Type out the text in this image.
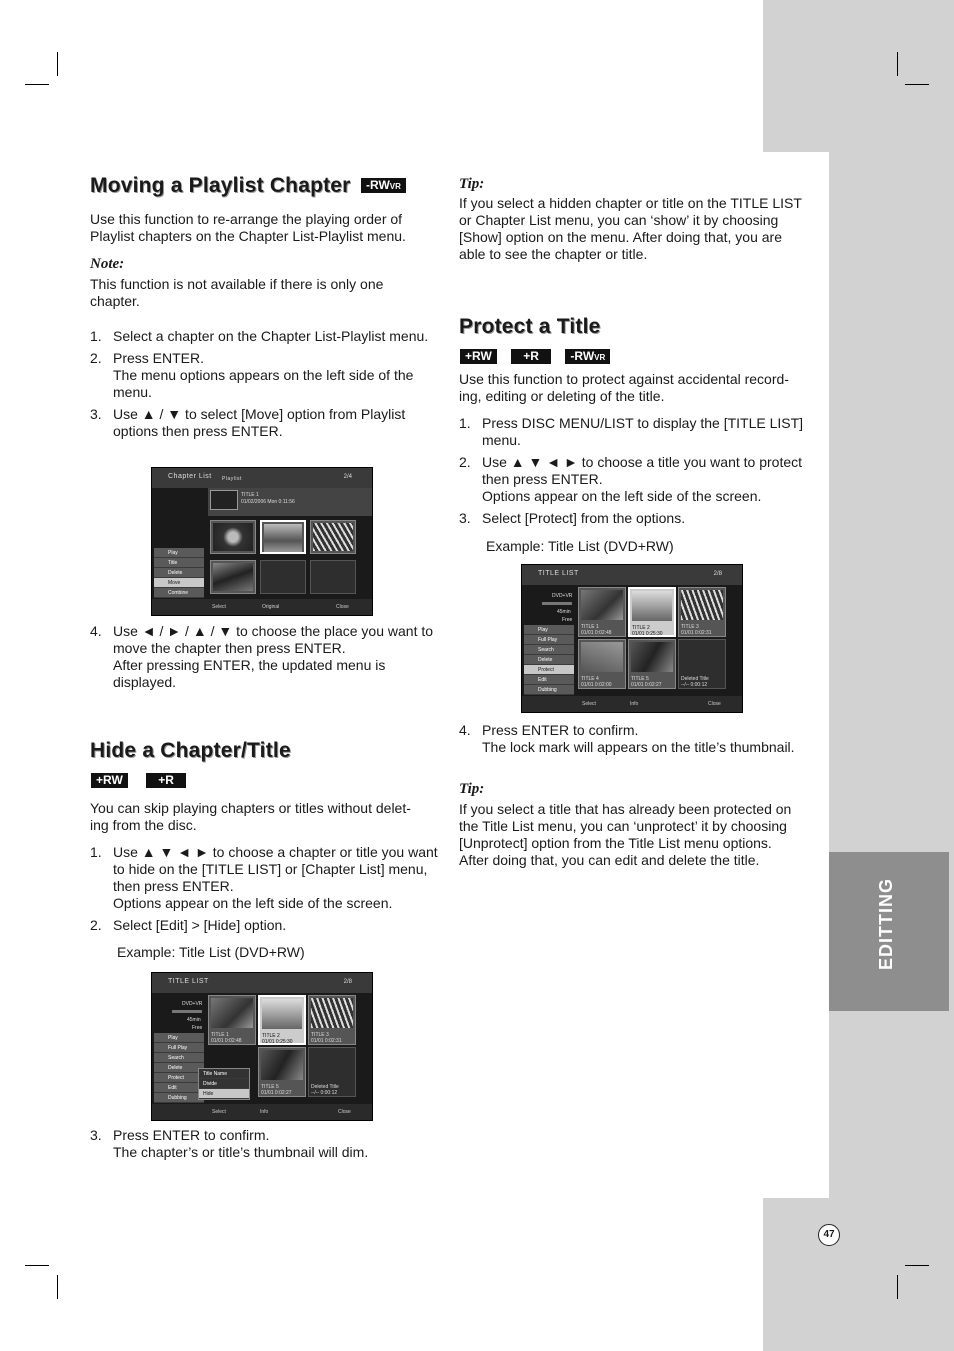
EDITTING
47
Moving a Playlist Chapter -RWVR

Use this function to re-arrange the playing order of Playlist chapters on the Chapter List-Playlist menu.

Note:

This function is not available if there is only one chapter.

1. Select a chapter on the Chapter List-Playlist menu.
2. Press ENTER.
The menu options appears on the left side of the menu.
3. Use ▲ / ▼ to select [Move] option from Playlist options then press ENTER.
Chapter List Playlist	2/4
TITLE 1
01/02/2006 Mon 0:11:56
Play
Title
Delete
Move
Combine
Select	Original	Close
4. Use ◄ / ► / ▲ / ▼ to choose the place you want to move the chapter then press ENTER.
After pressing ENTER, the updated menu is displayed.
Hide a Chapter/Title
+RW	+R

You can skip playing chapters or titles without delet-
ing from the disc.

1. Use ▲ ▼ ◄ ► to choose a chapter or title you want to hide on the [TITLE LIST] or [Chapter List] menu, then press ENTER.
Options appear on the left side of the screen.
2. Select [Edit] > [Hide] option.

Example: Title List (DVD+RW)

TITLE LIST	2/8
DVD+VR
45min
Free
Play
Full Play
Search
Delete
Protect
Edit
Dubbing
TITLE 1
01/01 0:02:48
TITLE 2
01/01 0:25:30
TITLE 3
01/01 0:02:31
TITLE 5
01/01 0:02:27
Deleted Title
--/-- 0:00:12
Title Name
Divide
Hide
Select	Info	Close
3. Press ENTER to confirm.
The chapter’s or title’s thumbnail will dim.
Tip:

If you select a hidden chapter or title on the TITLE LIST or Chapter List menu, you can ‘show’ it by choosing [Show] option on the menu. After doing that, you are able to see the chapter or title.

Protect a Title
+RW	+R	-RWVR

Use this function to protect against accidental record-
ing, editing or deleting of the title.

1. Press DISC MENU/LIST to display the [TITLE LIST] menu.
2. Use ▲ ▼ ◄ ► to choose a title you want to protect then press ENTER.
Options appear on the left side of the screen.
3. Select [Protect] from the options.

Example: Title List (DVD+RW)

TITLE LIST	2/8
DVD+VR
45min
Free
Play
Full Play
Search
Delete
Protect
Edit
Dubbing
TITLE 1
01/01 0:02:48
TITLE 2
01/01 0:25:30
TITLE 3
01/01 0:02:31
TITLE 4
01/01 0:02:00
TITLE 5
01/01 0:02:27
Deleted Title
--/-- 0:00:12
Select	Info	Close
4. Press ENTER to confirm.
The lock mark will appears on the title’s thumbnail.
Tip:

If you select a title that has already been protected on the Title List menu, you can ‘unprotect’ it by choosing [Unprotect] option from the Title List menu options. After doing that, you can edit and delete the title.
